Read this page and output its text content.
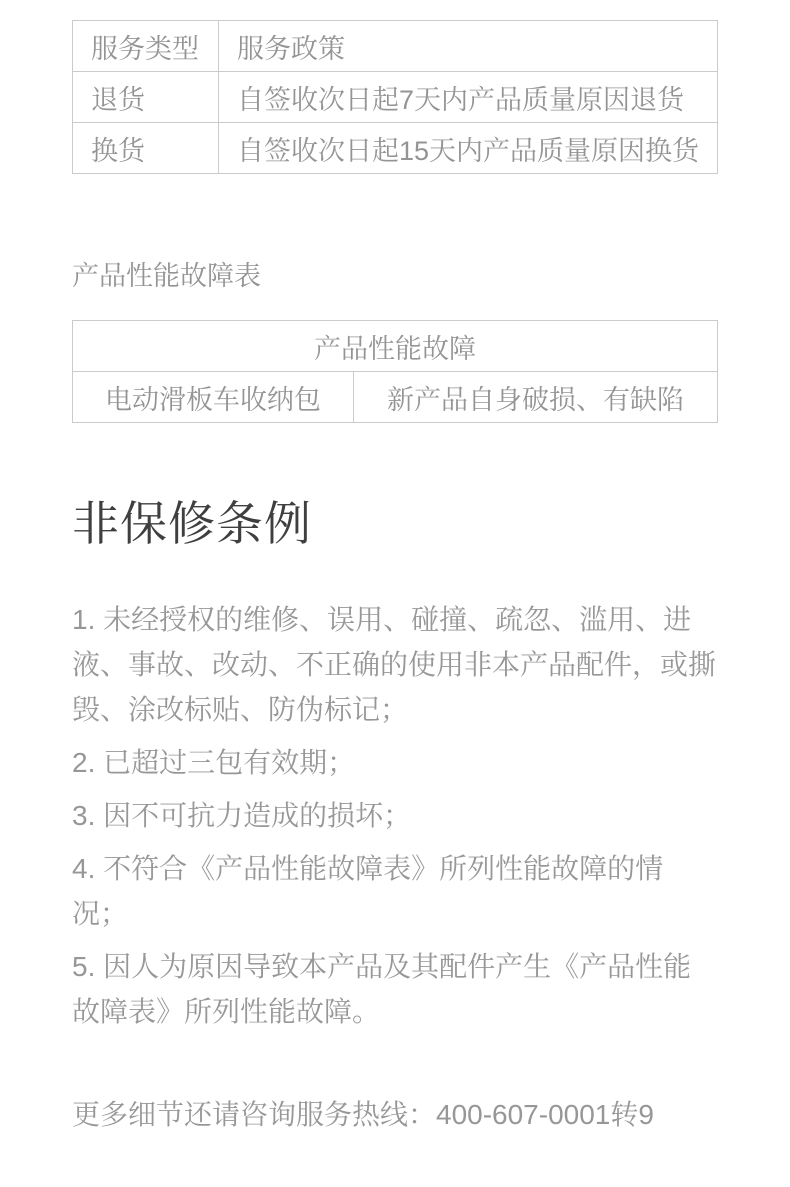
服务类型	服务政策
退货	自签收次日起7天内产品质量原因退货
换货	自签收次日起15天内产品质量原因换货
产品性能故障表
产品性能故障
电动滑板车收纳包	新产品自身破损、有缺陷
非保修条例

1. 未经授权的维修、误用、碰撞、疏忽、滥用、进液、事故、改动、不正确的使用非本产品配件，或撕毁、涂改标贴、防伪标记；

2. 已超过三包有效期；

3. 因不可抗力造成的损坏；

4. 不符合《产品性能故障表》所列性能故障的情况；

5. 因人为原因导致本产品及其配件产生《产品性能故障表》所列性能故障。

更多细节还请咨询服务热线：400-607-0001转9
